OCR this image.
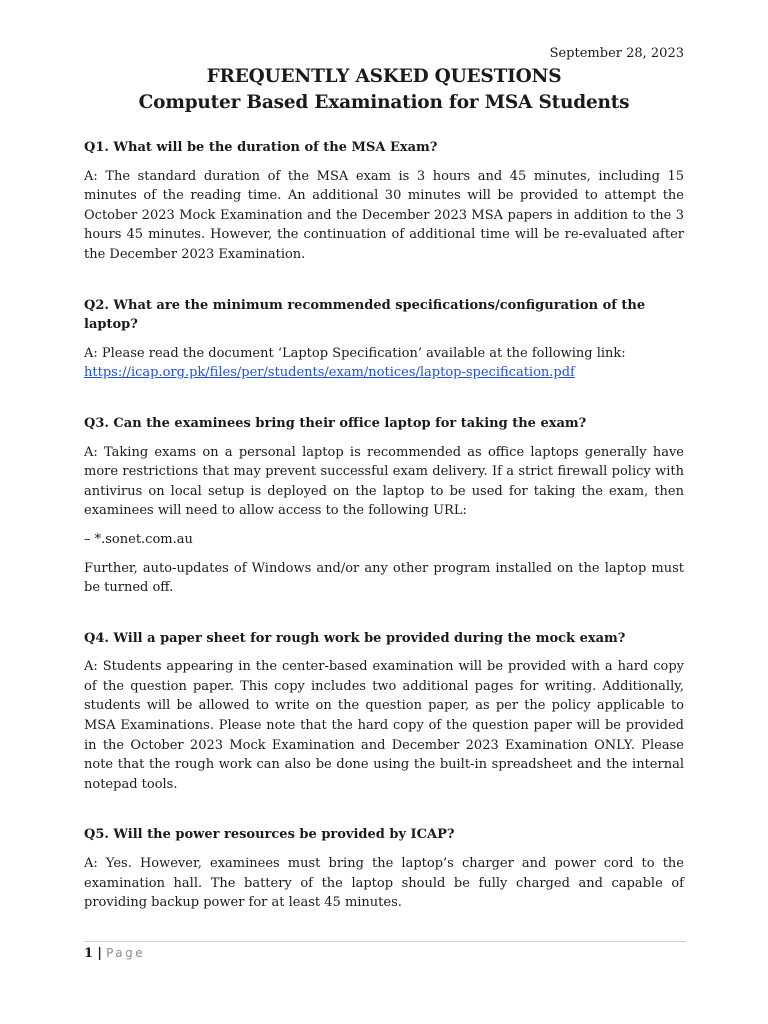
September 28, 2023

FREQUENTLY ASKED QUESTIONS

Computer Based Examination for MSA Students

Q1. What will be the duration of the MSA Exam?

A: The standard duration of the MSA exam is 3 hours and 45 minutes, including 15 minutes of the reading time. An additional 30 minutes will be provided to attempt the October 2023 Mock Examination and the December 2023 MSA papers in addition to the 3 hours 45 minutes. However, the continuation of additional time will be re-evaluated after the December 2023 Examination.

Q2. What are the minimum recommended specifications/configuration of the laptop?

A: Please read the document ‘Laptop Specification’ available at the following link:
https://icap.org.pk/files/per/students/exam/notices/laptop-specification.pdf

Q3. Can the examinees bring their office laptop for taking the exam?

A: Taking exams on a personal laptop is recommended as office laptops generally have more restrictions that may prevent successful exam delivery. If a strict firewall policy with antivirus on local setup is deployed on the laptop to be used for taking the exam, then examinees will need to allow access to the following URL:

– *.sonet.com.au

Further, auto-updates of Windows and/or any other program installed on the laptop must be turned off.

Q4. Will a paper sheet for rough work be provided during the mock exam?

A: Students appearing in the center-based examination will be provided with a hard copy of the question paper. This copy includes two additional pages for writing. Additionally, students will be allowed to write on the question paper, as per the policy applicable to MSA Examinations. Please note that the hard copy of the question paper will be provided in the October 2023 Mock Examination and December 2023 Examination ONLY. Please note that the rough work can also be done using the built-in spreadsheet and the internal notepad tools.

Q5. Will the power resources be provided by ICAP?

A: Yes. However, examinees must bring the laptop’s charger and power cord to the examination hall. The battery of the laptop should be fully charged and capable of providing backup power for at least 45 minutes.

1 | Page
